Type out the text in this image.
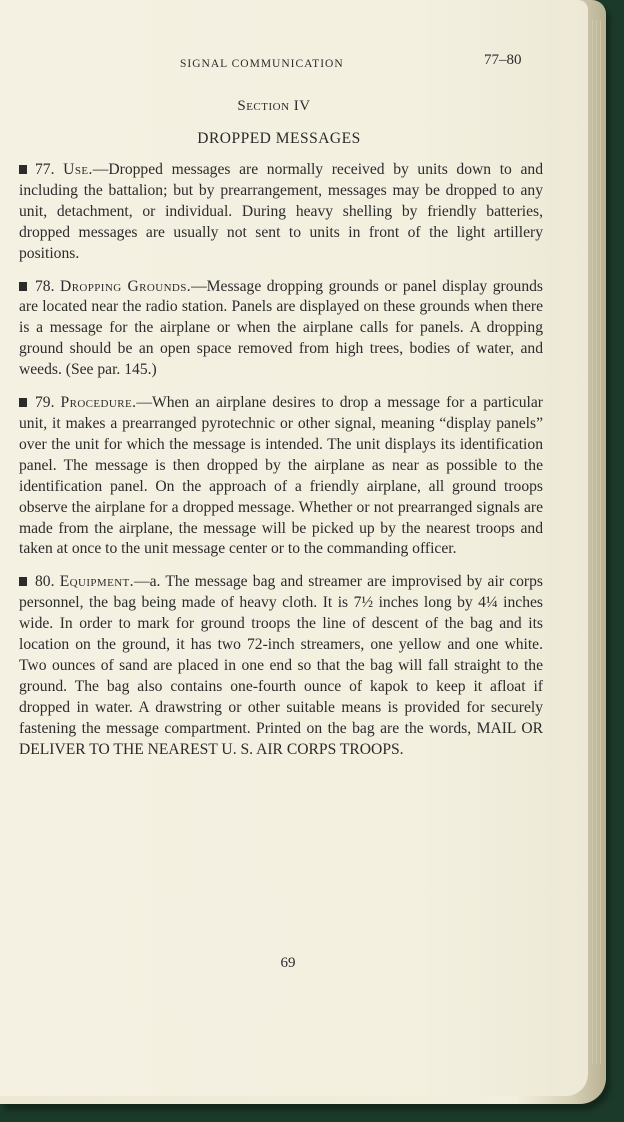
SIGNAL COMMUNICATION	77–80
Section IV
DROPPED MESSAGES

77. Use.—Dropped messages are normally received by units down to and including the battalion; but by prearrangement, messages may be dropped to any unit, detachment, or individual. During heavy shelling by friendly batteries, dropped messages are usually not sent to units in front of the light artillery positions.

78. Dropping Grounds.—Message dropping grounds or panel display grounds are located near the radio station. Panels are displayed on these grounds when there is a message for the airplane or when the airplane calls for panels. A dropping ground should be an open space removed from high trees, bodies of water, and weeds. (See par. 145.)

79. Procedure.—When an airplane desires to drop a message for a particular unit, it makes a prearranged pyrotechnic or other signal, meaning “display panels” over the unit for which the message is intended. The unit displays its identification panel. The message is then dropped by the airplane as near as possible to the identification panel. On the approach of a friendly airplane, all ground troops observe the airplane for a dropped message. Whether or not prearranged signals are made from the airplane, the message will be picked up by the nearest troops and taken at once to the unit message center or to the commanding officer.

80. Equipment.—a. The message bag and streamer are improvised by air corps personnel, the bag being made of heavy cloth. It is 7½ inches long by 4¼ inches wide. In order to mark for ground troops the line of descent of the bag and its location on the ground, it has two 72-inch streamers, one yellow and one white. Two ounces of sand are placed in one end so that the bag will fall straight to the ground. The bag also contains one-fourth ounce of kapok to keep it afloat if dropped in water. A drawstring or other suitable means is provided for securely fastening the message compartment. Printed on the bag are the words, MAIL OR DELIVER TO THE NEAREST U. S. AIR CORPS TROOPS.

69
